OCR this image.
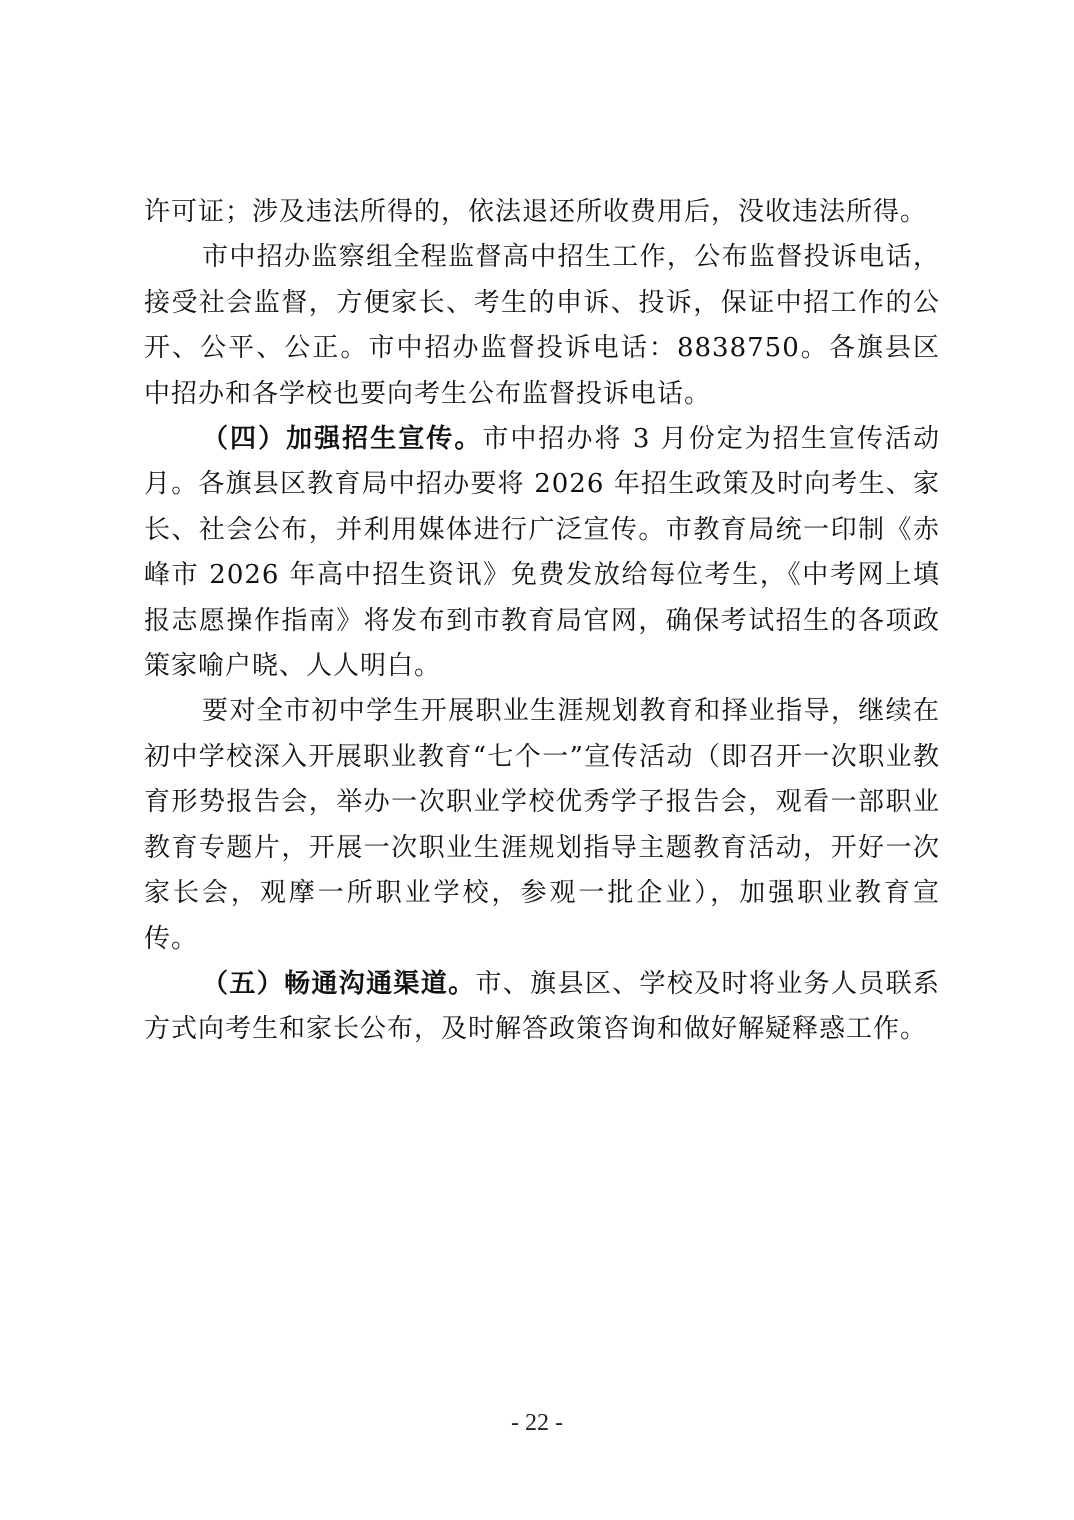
许可证；涉及违法所得的，依法退还所收费用后，没收违法所得。

市中招办监察组全程监督高中招生工作，公布监督投诉电话，接受社会监督，方便家长、考生的申诉、投诉，保证中招工作的公开、公平、公正。市中招办监督投诉电话：8838750。各旗县区中招办和各学校也要向考生公布监督投诉电话。

（四）加强招生宣传。市中招办将 3 月份定为招生宣传活动月。各旗县区教育局中招办要将 2026 年招生政策及时向考生、家长、社会公布，并利用媒体进行广泛宣传。市教育局统一印制《赤峰市 2026 年高中招生资讯》免费发放给每位考生，《中考网上填报志愿操作指南》将发布到市教育局官网，确保考试招生的各项政策家喻户晓、人人明白。

要对全市初中学生开展职业生涯规划教育和择业指导，继续在初中学校深入开展职业教育“七个一”宣传活动（即召开一次职业教育形势报告会，举办一次职业学校优秀学子报告会，观看一部职业教育专题片，开展一次职业生涯规划指导主题教育活动，开好一次家长会，观摩一所职业学校，参观一批企业），加强职业教育宣传。

（五）畅通沟通渠道。市、旗县区、学校及时将业务人员联系方式向考生和家长公布，及时解答政策咨询和做好解疑释惑工作。

- 22 -
